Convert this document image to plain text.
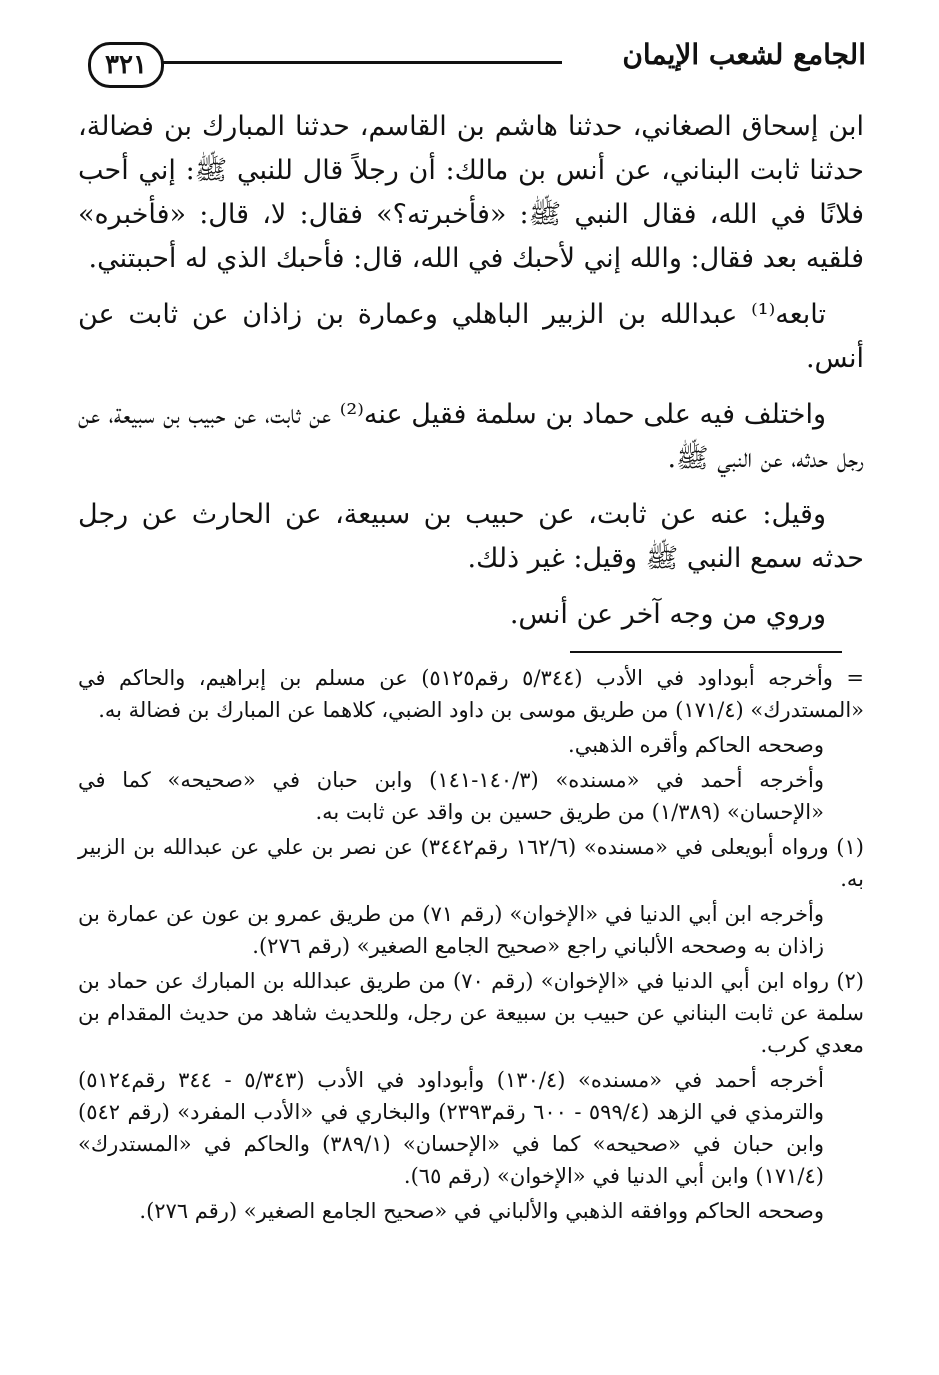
٣٢١	الجامع لشعب الإيمان

ابن إسحاق الصغاني، حدثنا هاشم بن القاسم، حدثنا المبارك بن فضالة، حدثنا ثابت البناني، عن أنس بن مالك: أن رجلاً قال للنبي ﷺ: إني أحب فلانًا في الله، فقال النبي ﷺ: «فأخبرته؟» فقال: لا، قال: «فأخبره» فلقيه بعد فقال: والله إني لأحبك في الله، قال: فأحبك الذي له أحببتني.

تابعه⁽¹⁾ عبدالله بن الزبير الباهلي وعمارة بن زاذان عن ثابت عن أنس.

واختلف فيه على حماد بن سلمة فقيل عنه⁽²⁾ عن ثابت، عن حبيب بن سبيعة، عن رجل حدثه، عن النبي ﷺ.

وقيل: عنه عن ثابت، عن حبيب بن سبيعة، عن الحارث عن رجل حدثه سمع النبي ﷺ وقيل: غير ذلك.

وروي من وجه آخر عن أنس.

= وأخرجه أبوداود في الأدب (٥/٣٤٤ رقم٥١٢٥) عن مسلم بن إبراهيم، والحاكم في «المستدرك» (١٧١/٤) من طريق موسى بن داود الضبي، كلاهما عن المبارك بن فضالة به.

وصححه الحاكم وأقره الذهبي.

وأخرجه أحمد في «مسنده» (١٤٠/٣-١٤١) وابن حبان في «صحيحه» كما في «الإحسان» (١/٣٨٩) من طريق حسين بن واقد عن ثابت به.

(١) ورواه أبويعلى في «مسنده» (١٦٢/٦ رقم٣٤٤٢) عن نصر بن علي عن عبدالله بن الزبير به.

وأخرجه ابن أبي الدنيا في «الإخوان» (رقم ٧١) من طريق عمرو بن عون عن عمارة بن زاذان به وصححه الألباني راجع «صحيح الجامع الصغير» (رقم ٢٧٦).

(٢) رواه ابن أبي الدنيا في «الإخوان» (رقم ٧٠) من طريق عبدالله بن المبارك عن حماد بن سلمة عن ثابت البناني عن حبيب بن سبيعة عن رجل، وللحديث شاهد من حديث المقدام بن معدي كرب.

أخرجه أحمد في «مسنده» (١٣٠/٤) وأبوداود في الأدب (٥/٣٤٣ - ٣٤٤ رقم٥١٢٤) والترمذي في الزهد (٥٩٩/٤ - ٦٠٠ رقم٢٣٩٣) والبخاري في «الأدب المفرد» (رقم ٥٤٢) وابن حبان في «صحيحه» كما في «الإحسان» (٣٨٩/١) والحاكم في «المستدرك» (١٧١/٤) وابن أبي الدنيا في «الإخوان» (رقم ٦٥).

وصححه الحاكم ووافقه الذهبي والألباني في «صحيح الجامع الصغير» (رقم ٢٧٦).
